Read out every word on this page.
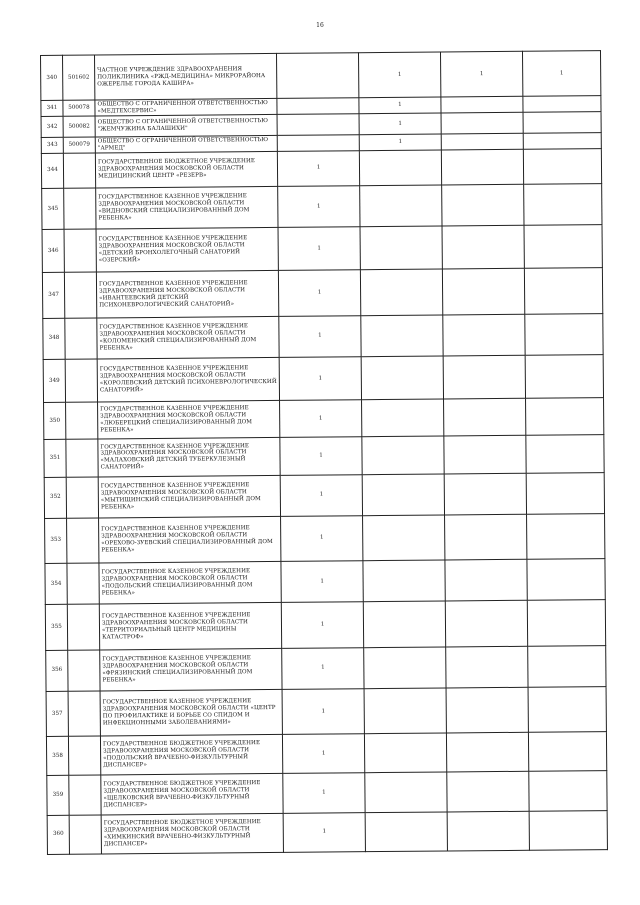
16
340	501602	ЧАСТНОЕ УЧРЕЖДЕНИЕ ЗДРАВООХРАНЕНИЯ ПОЛИКЛИНИКА «РЖД-МЕДИЦИНА» МИКРОРАЙОНА ОЖЕРЕЛЬЕ ГОРОДА КАШИРА»		1	1	1
341	500078	ОБЩЕСТВО С ОГРАНИЧЕННОЙ ОТВЕТСТВЕННОСТЬЮ «МЕДТЕХСЕРВИС»		1		
342	500082	ОБЩЕСТВО С ОГРАНИЧЕННОЙ ОТВЕТСТВЕННОСТЬЮ "ЖЕМЧУЖИНА БАЛАШИХИ"		1		
343	500079	ОБЩЕСТВО С ОГРАНИЧЕННОЙ ОТВЕТСТВЕННОСТЬЮ "АРМЕД"		1		
344		ГОСУДАРСТВЕННОЕ БЮДЖЕТНОЕ УЧРЕЖДЕНИЕ ЗДРАВООХРАНЕНИЯ МОСКОВСКОЙ ОБЛАСТИ МЕДИЦИНСКИЙ ЦЕНТР «РЕЗЕРВ»	1			
345		ГОСУДАРСТВЕННОЕ КАЗЕННОЕ УЧРЕЖДЕНИЕ ЗДРАВООХРАНЕНИЯ МОСКОВСКОЙ ОБЛАСТИ «ВИДНОВСКИЙ СПЕЦИАЛИЗИРОВАННЫЙ ДОМ РЕБЕНКА»	1			
346		ГОСУДАРСТВЕННОЕ КАЗЕННОЕ УЧРЕЖДЕНИЕ ЗДРАВООХРАНЕНИЯ МОСКОВСКОЙ ОБЛАСТИ «ДЕТСКИЙ БРОНХОЛЕГОЧНЫЙ САНАТОРИЙ «ОЗЕРСКИЙ»	1			
347		ГОСУДАРСТВЕННОЕ КАЗЕННОЕ УЧРЕЖДЕНИЕ ЗДРАВООХРАНЕНИЯ МОСКОВСКОЙ ОБЛАСТИ «ИВАНТЕЕВСКИЙ ДЕТСКИЙ ПСИХОНЕВРОЛОГИЧЕСКИЙ САНАТОРИЙ»	1			
348		ГОСУДАРСТВЕННОЕ КАЗЕННОЕ УЧРЕЖДЕНИЕ ЗДРАВООХРАНЕНИЯ МОСКОВСКОЙ ОБЛАСТИ «КОЛОМЕНСКИЙ СПЕЦИАЛИЗИРОВАННЫЙ ДОМ РЕБЕНКА»	1			
349		ГОСУДАРСТВЕННОЕ КАЗЕННОЕ УЧРЕЖДЕНИЕ ЗДРАВООХРАНЕНИЯ МОСКОВСКОЙ ОБЛАСТИ «КОРОЛЕВСКИЙ ДЕТСКИЙ ПСИХОНЕВРОЛОГИЧЕСКИЙ САНАТОРИЙ»	1			
350		ГОСУДАРСТВЕННОЕ КАЗЕННОЕ УЧРЕЖДЕНИЕ ЗДРАВООХРАНЕНИЯ МОСКОВСКОЙ ОБЛАСТИ «ЛЮБЕРЕЦКИЙ СПЕЦИАЛИЗИРОВАННЫЙ ДОМ РЕБЕНКА»	1			
351		ГОСУДАРСТВЕННОЕ КАЗЕННОЕ УЧРЕЖДЕНИЕ ЗДРАВООХРАНЕНИЯ МОСКОВСКОЙ ОБЛАСТИ «МАЛАХОВСКИЙ ДЕТСКИЙ ТУБЕРКУЛЕЗНЫЙ САНАТОРИЙ»	1			
352		ГОСУДАРСТВЕННОЕ КАЗЕННОЕ УЧРЕЖДЕНИЕ ЗДРАВООХРАНЕНИЯ МОСКОВСКОЙ ОБЛАСТИ «МЫТИЩИНСКИЙ СПЕЦИАЛИЗИРОВАННЫЙ ДОМ РЕБЕНКА»	1			
353		ГОСУДАРСТВЕННОЕ КАЗЕННОЕ УЧРЕЖДЕНИЕ ЗДРАВООХРАНЕНИЯ МОСКОВСКОЙ ОБЛАСТИ «ОРЕХОВО-ЗУЕВСКИЙ СПЕЦИАЛИЗИРОВАННЫЙ ДОМ РЕБЕНКА»	1			
354		ГОСУДАРСТВЕННОЕ КАЗЕННОЕ УЧРЕЖДЕНИЕ ЗДРАВООХРАНЕНИЯ МОСКОВСКОЙ ОБЛАСТИ «ПОДОЛЬСКИЙ СПЕЦИАЛИЗИРОВАННЫЙ ДОМ РЕБЕНКА»	1			
355		ГОСУДАРСТВЕННОЕ КАЗЕННОЕ УЧРЕЖДЕНИЕ ЗДРАВООХРАНЕНИЯ МОСКОВСКОЙ ОБЛАСТИ «ТЕРРИТОРИАЛЬНЫЙ ЦЕНТР МЕДИЦИНЫ КАТАСТРОФ»	1			
356		ГОСУДАРСТВЕННОЕ КАЗЕННОЕ УЧРЕЖДЕНИЕ ЗДРАВООХРАНЕНИЯ МОСКОВСКОЙ ОБЛАСТИ «ФРЯЗИНСКИЙ СПЕЦИАЛИЗИРОВАННЫЙ ДОМ РЕБЕНКА»	1			
357		ГОСУДАРСТВЕННОЕ КАЗЕННОЕ УЧРЕЖДЕНИЕ ЗДРАВООХРАНЕНИЯ МОСКОВСКОЙ ОБЛАСТИ «ЦЕНТР ПО ПРОФИЛАКТИКЕ И БОРЬБЕ СО СПИДОМ И ИНФЕКЦИОННЫМИ ЗАБОЛЕВАНИЯМИ»	1			
358		ГОСУДАРСТВЕННОЕ БЮДЖЕТНОЕ УЧРЕЖДЕНИЕ ЗДРАВООХРАНЕНИЯ МОСКОВСКОЙ ОБЛАСТИ «ПОДОЛЬСКИЙ ВРАЧЕБНО-ФИЗКУЛЬТУРНЫЙ ДИСПАНСЕР»	1			
359		ГОСУДАРСТВЕННОЕ БЮДЖЕТНОЕ УЧРЕЖДЕНИЕ ЗДРАВООХРАНЕНИЯ МОСКОВСКОЙ ОБЛАСТИ «ЩЕЛКОВСКИЙ ВРАЧЕБНО-ФИЗКУЛЬТУРНЫЙ ДИСПАНСЕР»	1			
360		ГОСУДАРСТВЕННОЕ БЮДЖЕТНОЕ УЧРЕЖДЕНИЕ ЗДРАВООХРАНЕНИЯ МОСКОВСКОЙ ОБЛАСТИ «ХИМКИНСКИЙ ВРАЧЕБНО-ФИЗКУЛЬТУРНЫЙ ДИСПАНСЕР»	1			
